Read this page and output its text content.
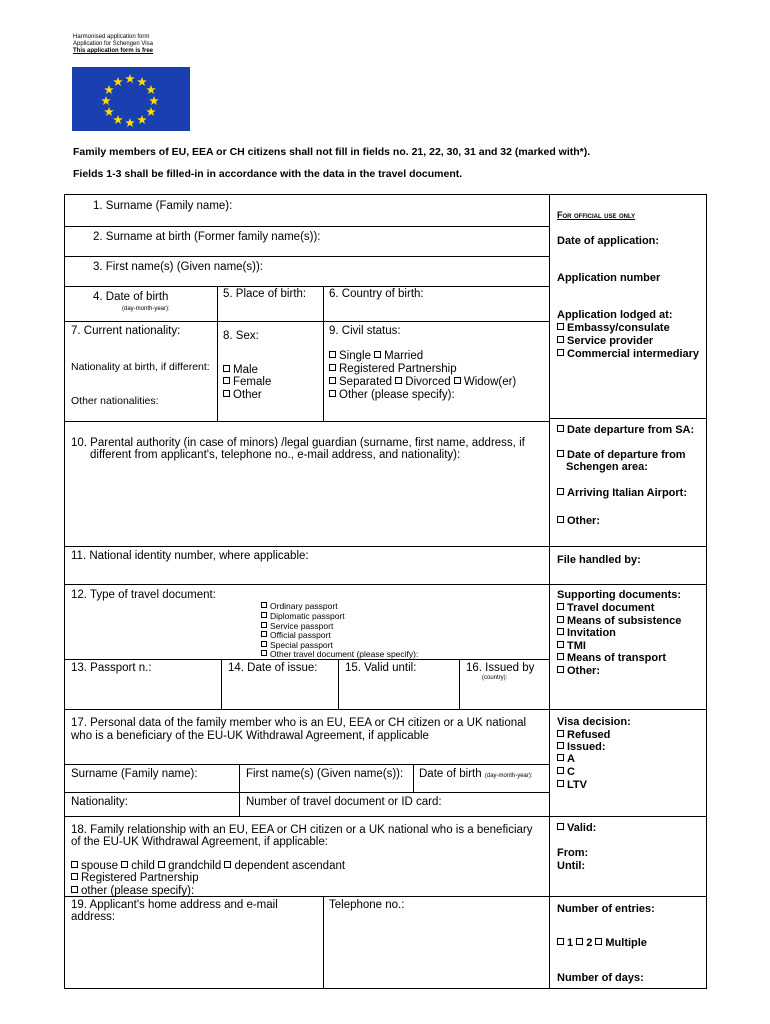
Harmonised application form
Application for Schengen Visa
This application form is free
Family members of EU, EEA or CH citizens shall not fill in fields no. 21, 22, 30, 31 and 32 (marked with*).
Fields 1-3 shall be filled-in in accordance with the data in the travel document.
1. Surname (Family name):
2. Surname at birth (Former family name(s)):
3. First name(s) (Given name(s)):
4. Date of birth
(day-month-year):
5. Place of birth: 6. Country of birth:
7. Current nationality:
Nationality at birth, if different:
Other nationalities:
8. Sex:
Male
Female
Other
9. Civil status:
Single Married
Registered Partnership
Separated Divorced Widow(er)
Other (please specify):
10. Parental authority (in case of minors) /legal guardian (surname, first name, address, if
different from applicant's, telephone no., e-mail address, and nationality):
11. National identity number, where applicable:
12. Type of travel document:
Ordinary passport
Diplomatic passport
Service passport
Official passport
Special passport
Other travel document (please specify):
13. Passport n.:	14. Date of issue: 15. Valid until:	16. Issued by
(country):
17. Personal data of the family member who is an EU, EEA or CH citizen or a UK national
who is a beneficiary of the EU-UK Withdrawal Agreement, if applicable
Surname (Family name):	First name(s) (Given name(s)): Date of birth (day-month-year):
Nationality:	Number of travel document or ID card:
18. Family relationship with an EU, EEA or CH citizen or a UK national who is a beneficiary
of the EU-UK Withdrawal Agreement, if applicable:
spouse child grandchild dependent ascendant
Registered Partnership
other (please specify):
19. Applicant's home address and e-mail
address:
Telephone no.:
For official use only
Date of application:
Application number
Application lodged at:
Embassy/consulate
Service provider
Commercial intermediary
Date departure from SA:
Date of departure from
Schengen area:
Arriving Italian Airport:
Other:
File handled by:
Supporting documents:
Travel document
Means of subsistence
Invitation
TMI
Means of transport
Other:
Visa decision:
Refused
Issued:
A
C
LTV
Valid:
From:
Until:
Number of entries:
1 2 Multiple
Number of days:
